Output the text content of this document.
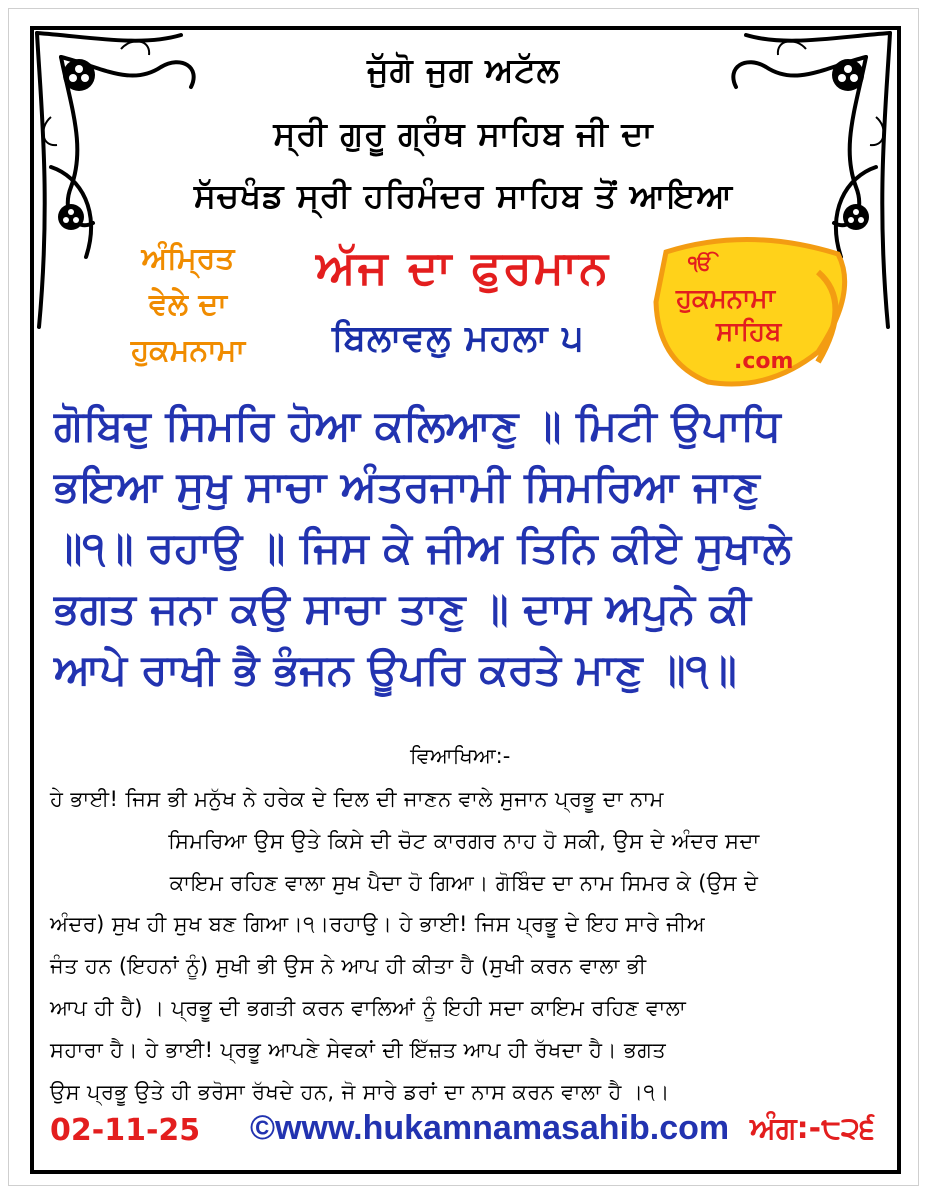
ਜੁੱਗੋ ਜੁਗ ਅਟੱਲ
ਸ੍ਰੀ ਗੁਰੂ ਗ੍ਰੰਥ ਸਾਹਿਬ ਜੀ ਦਾ
ਸੱਚਖੰਡ ਸ੍ਰੀ ਹਰਿਮੰਦਰ ਸਾਹਿਬ ਤੋਂ ਆਇਆ
ਅੰਮ੍ਰਿਤ
ਵੇਲੇ ਦਾ
ਹੁਕਮਨਾਮਾ
ਅੱਜ ਦਾ ਫੁਰਮਾਨ
ਬਿਲਾਵਲੁ ਮਹਲਾ ੫
ੴ
ਹੁਕਮਨਾਮਾ
ਸਾਹਿਬ
.com
ਗੋਬਿਦੁ ਸਿਮਰਿ ਹੋਆ ਕਲਿਆਣੁ ॥ ਮਿਟੀ ਉਪਾਧਿ
ਭਇਆ ਸੁਖੁ ਸਾਚਾ ਅੰਤਰਜਾਮੀ ਸਿਮਰਿਆ ਜਾਣੁ
॥੧॥ ਰਹਾਉ ॥ ਜਿਸ ਕੇ ਜੀਅ ਤਿਨਿ ਕੀਏ ਸੁਖਾਲੇ
ਭਗਤ ਜਨਾ ਕਉ ਸਾਚਾ ਤਾਣੁ ॥ ਦਾਸ ਅਪੁਨੇ ਕੀ
ਆਪੇ ਰਾਖੀ ਭੈ ਭੰਜਨ ਊਪਰਿ ਕਰਤੇ ਮਾਣੁ ॥੧॥
ਵਿਆਖਿਆ:-
ਹੇ ਭਾਈ! ਜਿਸ ਭੀ ਮਨੁੱਖ ਨੇ ਹਰੇਕ ਦੇ ਦਿਲ ਦੀ ਜਾਣਨ ਵਾਲੇ ਸੁਜਾਨ ਪ੍ਰਭੂ ਦਾ ਨਾਮ
ਸਿਮਰਿਆ ਉਸ ਉਤੇ ਕਿਸੇ ਦੀ ਚੋਟ ਕਾਰਗਰ ਨਾਹ ਹੋ ਸਕੀ, ਉਸ ਦੇ ਅੰਦਰ ਸਦਾ
ਕਾਇਮ ਰਹਿਣ ਵਾਲਾ ਸੁਖ ਪੈਦਾ ਹੋ ਗਿਆ। ਗੋਬਿੰਦ ਦਾ ਨਾਮ ਸਿਮਰ ਕੇ (ਉਸ ਦੇ
ਅੰਦਰ) ਸੁਖ ਹੀ ਸੁਖ ਬਣ ਗਿਆ।੧।ਰਹਾਉ। ਹੇ ਭਾਈ! ਜਿਸ ਪ੍ਰਭੂ ਦੇ ਇਹ ਸਾਰੇ ਜੀਅ
ਜੰਤ ਹਨ (ਇਹਨਾਂ ਨੂੰ) ਸੁਖੀ ਭੀ ਉਸ ਨੇ ਆਪ ਹੀ ਕੀਤਾ ਹੈ (ਸੁਖੀ ਕਰਨ ਵਾਲਾ ਭੀ
ਆਪ ਹੀ ਹੈ) । ਪ੍ਰਭੂ ਦੀ ਭਗਤੀ ਕਰਨ ਵਾਲਿਆਂ ਨੂੰ ਇਹੀ ਸਦਾ ਕਾਇਮ ਰਹਿਣ ਵਾਲਾ
ਸਹਾਰਾ ਹੈ। ਹੇ ਭਾਈ! ਪ੍ਰਭੂ ਆਪਣੇ ਸੇਵਕਾਂ ਦੀ ਇੱਜ਼ਤ ਆਪ ਹੀ ਰੱਖਦਾ ਹੈ। ਭਗਤ
ਉਸ ਪ੍ਰਭੂ ਉਤੇ ਹੀ ਭਰੋਸਾ ਰੱਖਦੇ ਹਨ, ਜੋ ਸਾਰੇ ਡਰਾਂ ਦਾ ਨਾਸ ਕਰਨ ਵਾਲਾ ਹੈ ।੧।
02-11-25 ©www.hukamnamasahib.com ਅੰਗ:-੮੨੬
